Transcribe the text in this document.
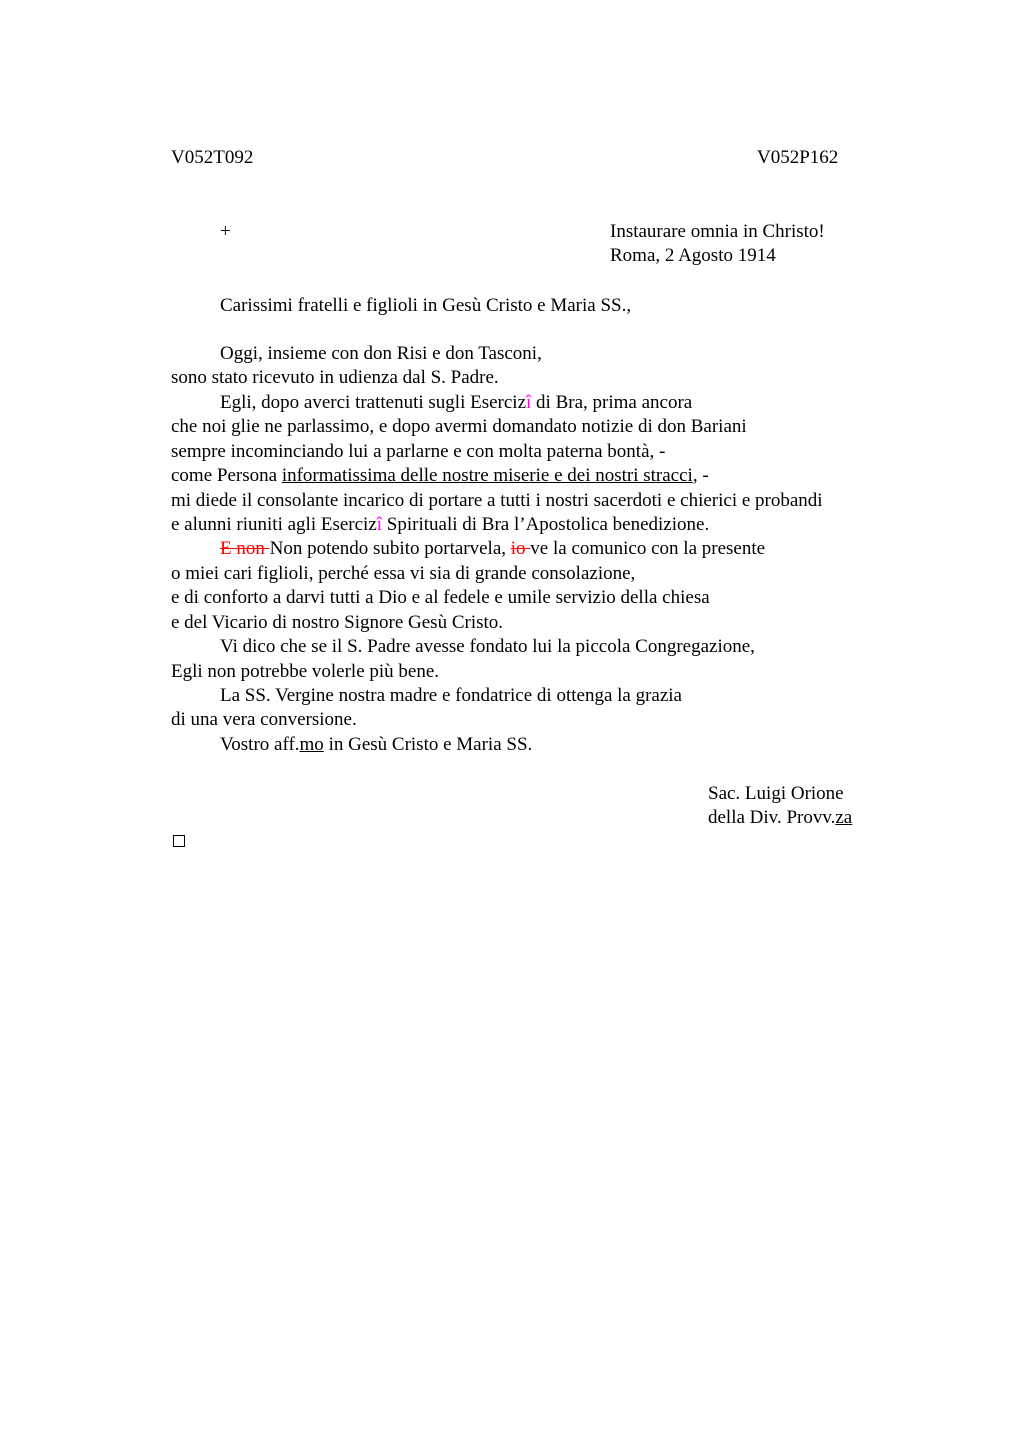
V052T092	V052P162
+	Instaurare omnia in Christo!
Roma, 2 Agosto 1914
Carissimi fratelli e figlioli in Gesù Cristo e Maria SS.,
Oggi, insieme con don Risi e don Tasconi,
sono stato ricevuto in udienza dal S. Padre.
Egli, dopo averci trattenuti sugli Esercizî di Bra, prima ancora
che noi glie ne parlassimo, e dopo avermi domandato notizie di don Bariani
sempre incominciando lui a parlarne e con molta paterna bontà, -
come Persona informatissima delle nostre miserie e dei nostri stracci, -
mi diede il consolante incarico di portare a tutti i nostri sacerdoti e chierici e probandi
e alunni riuniti agli Esercizî Spirituali di Bra l’Apostolica benedizione.
E non Non potendo subito portarvela, io ve la comunico con la presente
o miei cari figlioli, perché essa vi sia di grande consolazione,
e di conforto a darvi tutti a Dio e al fedele e umile servizio della chiesa
e del Vicario di nostro Signore Gesù Cristo.
Vi dico che se il S. Padre avesse fondato lui la piccola Congregazione,
Egli non potrebbe volerle più bene.
La SS. Vergine nostra madre e fondatrice di ottenga la grazia
di una vera conversione.
Vostro aff.mo in Gesù Cristo e Maria SS.
Sac. Luigi Orione
della Div. Provv.za
